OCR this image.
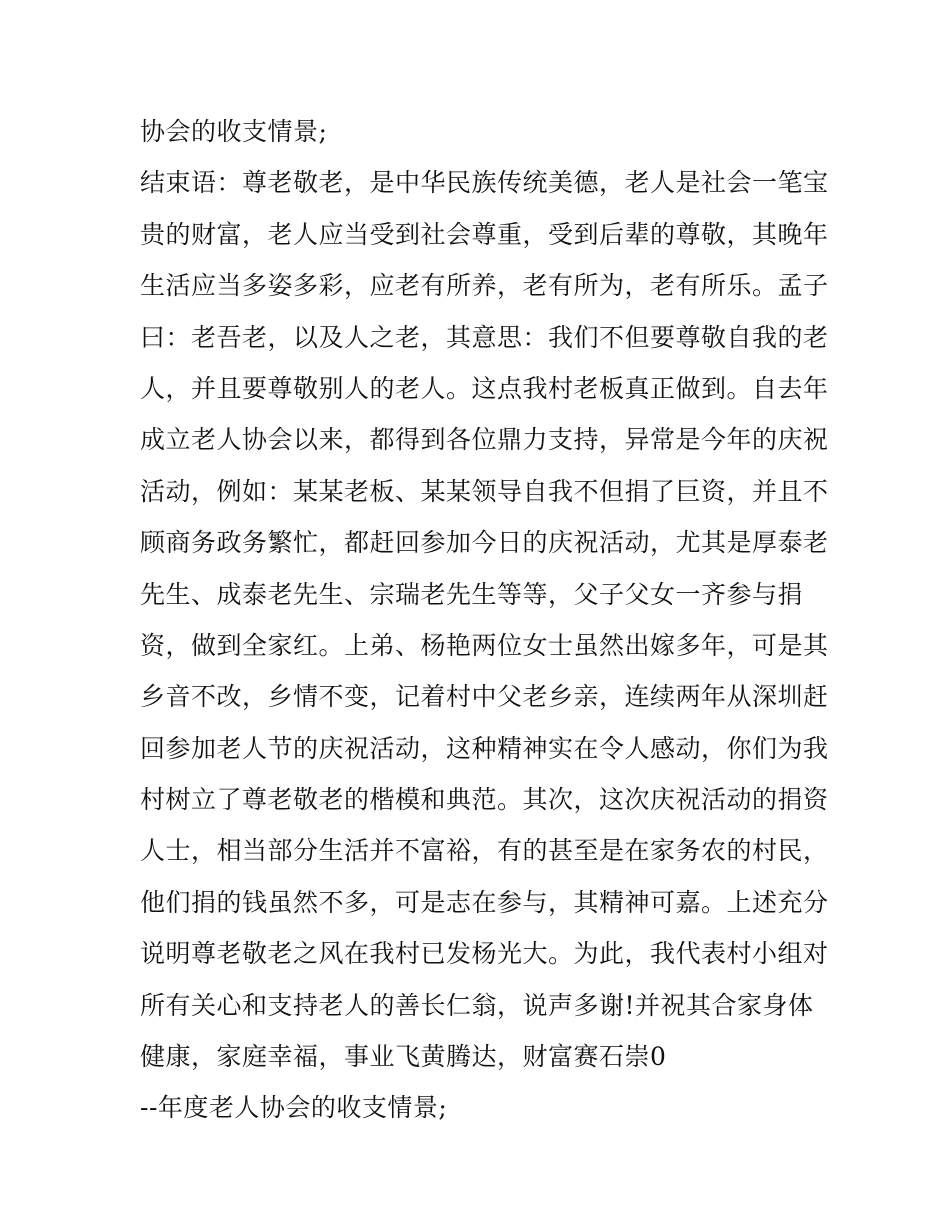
协会的收支情景;
结束语：尊老敬老，是中华民族传统美德，老人是社会一笔宝
贵的财富，老人应当受到社会尊重，受到后辈的尊敬，其晚年
生活应当多姿多彩，应老有所养，老有所为，老有所乐。孟子
曰：老吾老，以及人之老，其意思：我们不但要尊敬自我的老
人，并且要尊敬别人的老人。这点我村老板真正做到。自去年
成立老人协会以来，都得到各位鼎力支持，异常是今年的庆祝
活动，例如：某某老板、某某领导自我不但捐了巨资，并且不
顾商务政务繁忙，都赶回参加今日的庆祝活动，尤其是厚泰老
先生、成泰老先生、宗瑞老先生等等，父子父女一齐参与捐
资，做到全家红。上弟、杨艳两位女士虽然出嫁多年，可是其
乡音不改，乡情不变，记着村中父老乡亲，连续两年从深圳赶
回参加老人节的庆祝活动，这种精神实在令人感动，你们为我
村树立了尊老敬老的楷模和典范。其次，这次庆祝活动的捐资
人士，相当部分生活并不富裕，有的甚至是在家务农的村民，
他们捐的钱虽然不多，可是志在参与，其精神可嘉。上述充分
说明尊老敬老之风在我村已发杨光大。为此，我代表村小组对
所有关心和支持老人的善长仁翁，说声多谢!并祝其合家身体
健康，家庭幸福，事业飞黄腾达，财富赛石崇0
--年度老人协会的收支情景;
